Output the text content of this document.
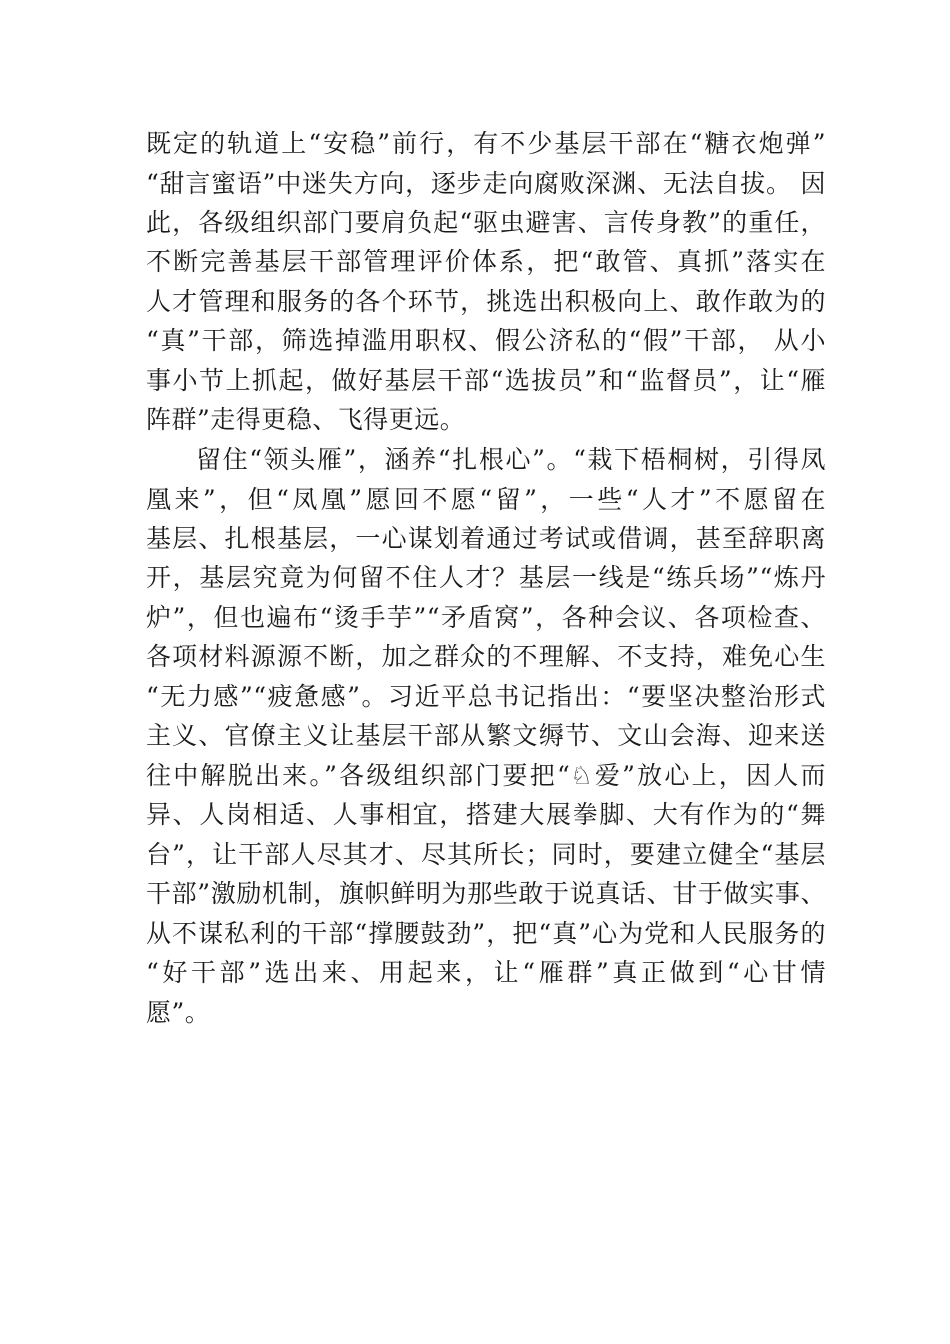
既定的轨道上“安稳”前行，有不少基层干部在“糖衣炮弹”
“甜言蜜语”中迷失方向，逐步走向腐败深渊、无法自拔。 因
此，各级组织部门要肩负起“驱虫避害、言传身教”的重任，
不断完善基层干部管理评价体系，把“敢管、真抓”落实在
人才管理和服务的各个环节，挑选出积极向上、敢作敢为的
“真”干部，筛选掉滥用职权、假公济私的“假”干部， 从小
事小节上抓起，做好基层干部“选拔员”和“监督员”，让“雁
阵群”走得更稳、飞得更远。
留住“领头雁”，涵养“扎根心”。“栽下梧桐树，引得凤
凰来”，但“凤凰”愿回不愿“留”，一些“人才”不愿留在
基层、扎根基层，一心谋划着通过考试或借调，甚至辞职离
开，基层究竟为何留不住人才？基层一线是“练兵场”“炼丹
炉”，但也遍布“烫手芋”“矛盾窝”，各种会议、各项检查、
各项材料源源不断，加之群众的不理解、不支持，难免心生
“无力感”“疲惫感”。习近平总书记指出：“要坚决整治形式
主义、官僚主义让基层干部从繁文缛节、文山会海、迎来送
往中解脱出来。”各级组织部门要把“♘爱”放心上，因人而
异、人岗相适、人事相宜，搭建大展拳脚、大有作为的“舞
台”，让干部人尽其才、尽其所长；同时，要建立健全“基层
干部”激励机制，旗帜鲜明为那些敢于说真话、甘于做实事、
从不谋私利的干部“撑腰鼓劲”，把“真”心为党和人民服务的
“好干部”选出来、用起来，让“雁群”真正做到“心甘情
愿”。
